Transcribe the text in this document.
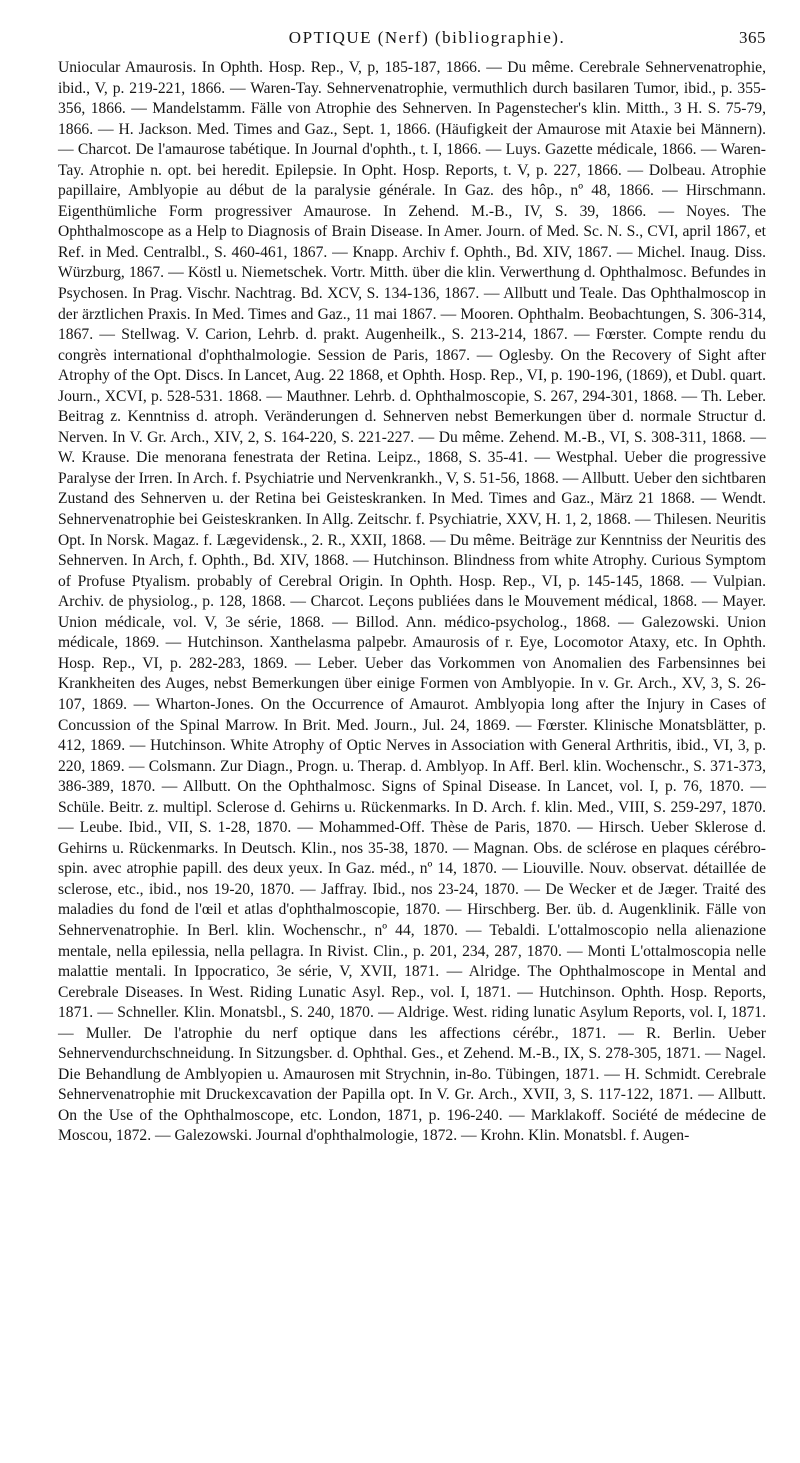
OPTIQUE (Nerf) (bibliographie).	365

Uniocular Amaurosis. In Ophth. Hosp. Rep., V, p, 185-187, 1866. — Du même. Cerebrale Sehnervenatrophie, ibid., V, p. 219-221, 1866. — Waren-Tay. Sehnervenatrophie, vermuthlich durch basilaren Tumor, ibid., p. 355-356, 1866. — Mandelstamm. Fälle von Atrophie des Sehnerven. In Pagenstecher's klin. Mitth., 3 H. S. 75-79, 1866. — H. Jackson. Med. Times and Gaz., Sept. 1, 1866. (Häufigkeit der Amaurose mit Ataxie bei Männern). — Charcot. De l'amaurose tabétique. In Journal d'ophth., t. I, 1866. — Luys. Gazette médicale, 1866. — Waren-Tay. Atrophie n. opt. bei heredit. Epilepsie. In Opht. Hosp. Reports, t. V, p. 227, 1866. — Dolbeau. Atrophie papillaire, Amblyopie au début de la paralysie générale. In Gaz. des hôp., nº 48, 1866. — Hirschmann. Eigenthümliche Form progressiver Amaurose. In Zehend. M.-B., IV, S. 39, 1866. — Noyes. The Ophthalmoscope as a Help to Diagnosis of Brain Disease. In Amer. Journ. of Med. Sc. N. S., CVI, april 1867, et Ref. in Med. Centralbl., S. 460-461, 1867. — Knapp. Archiv f. Ophth., Bd. XIV, 1867. — Michel. Inaug. Diss. Würzburg, 1867. — Köstl u. Niemetschek. Vortr. Mitth. über die klin. Verwerthung d. Ophthalmosc. Befundes in Psychosen. In Prag. Vischr. Nachtrag. Bd. XCV, S. 134-136, 1867. — Allbutt und Teale. Das Ophthalmoscop in der ärztlichen Praxis. In Med. Times and Gaz., 11 mai 1867. — Mooren. Ophthalm. Beobachtungen, S. 306-314, 1867. — Stellwag. V. Carion, Lehrb. d. prakt. Augenheilk., S. 213-214, 1867. — Fœrster. Compte rendu du congrès international d'ophthalmologie. Session de Paris, 1867. — Oglesby. On the Recovery of Sight after Atrophy of the Opt. Discs. In Lancet, Aug. 22 1868, et Ophth. Hosp. Rep., VI, p. 190-196, (1869), et Dubl. quart. Journ., XCVI, p. 528-531. 1868. — Mauthner. Lehrb. d. Ophthalmoscopie, S. 267, 294-301, 1868. — Th. Leber. Beitrag z. Kenntniss d. atroph. Veränderungen d. Sehnerven nebst Bemerkungen über d. normale Structur d. Nerven. In V. Gr. Arch., XIV, 2, S. 164-220, S. 221-227. — Du même. Zehend. M.-B., VI, S. 308-311, 1868. — W. Krause. Die menorana fenestrata der Retina. Leipz., 1868, S. 35-41. — Westphal. Ueber die progressive Paralyse der Irren. In Arch. f. Psychiatrie und Nervenkrankh., V, S. 51-56, 1868. — Allbutt. Ueber den sichtbaren Zustand des Sehnerven u. der Retina bei Geisteskranken. In Med. Times and Gaz., März 21 1868. — Wendt. Sehnervenatrophie bei Geisteskranken. In Allg. Zeitschr. f. Psychiatrie, XXV, H. 1, 2, 1868. — Thilesen. Neuritis Opt. In Norsk. Magaz. f. Lægevidensk., 2. R., XXII, 1868. — Du même. Beiträge zur Kenntniss der Neuritis des Sehnerven. In Arch, f. Ophth., Bd. XIV, 1868. — Hutchinson. Blindness from white Atrophy. Curious Symptom of Profuse Ptyalism. probably of Cerebral Origin. In Ophth. Hosp. Rep., VI, p. 145-145, 1868. — Vulpian. Archiv. de physiolog., p. 128, 1868. — Charcot. Leçons publiées dans le Mouvement médical, 1868. — Mayer. Union médicale, vol. V, 3e série, 1868. — Billod. Ann. médico-psycholog., 1868. — Galezowski. Union médicale, 1869. — Hutchinson. Xanthelasma palpebr. Amaurosis of r. Eye, Locomotor Ataxy, etc. In Ophth. Hosp. Rep., VI, p. 282-283, 1869. — Leber. Ueber das Vorkommen von Anomalien des Farbensinnes bei Krankheiten des Auges, nebst Bemerkungen über einige Formen von Amblyopie. In v. Gr. Arch., XV, 3, S. 26-107, 1869. — Wharton-Jones. On the Occurrence of Amaurot. Amblyopia long after the Injury in Cases of Concussion of the Spinal Marrow. In Brit. Med. Journ., Jul. 24, 1869. — Fœrster. Klinische Monatsblätter, p. 412, 1869. — Hutchinson. White Atrophy of Optic Nerves in Association with General Arthritis, ibid., VI, 3, p. 220, 1869. — Colsmann. Zur Diagn., Progn. u. Therap. d. Amblyop. In Aff. Berl. klin. Wochenschr., S. 371-373, 386-389, 1870. — Allbutt. On the Ophthalmosc. Signs of Spinal Disease. In Lancet, vol. I, p. 76, 1870. — Schüle. Beitr. z. multipl. Sclerose d. Gehirns u. Rückenmarks. In D. Arch. f. klin. Med., VIII, S. 259-297, 1870. — Leube. Ibid., VII, S. 1-28, 1870. — Mohammed-Off. Thèse de Paris, 1870. — Hirsch. Ueber Sklerose d. Gehirns u. Rückenmarks. In Deutsch. Klin., nos 35-38, 1870. — Magnan. Obs. de sclérose en plaques cérébro-spin. avec atrophie papill. des deux yeux. In Gaz. méd., nº 14, 1870. — Liouville. Nouv. observat. détaillée de sclerose, etc., ibid., nos 19-20, 1870. — Jaffray. Ibid., nos 23-24, 1870. — De Wecker et de Jæger. Traité des maladies du fond de l'œil et atlas d'ophthalmoscopie, 1870. — Hirschberg. Ber. üb. d. Augenklinik. Fälle von Sehnervenatrophie. In Berl. klin. Wochenschr., nº 44, 1870. — Tebaldi. L'ottalmoscopio nella alienazione mentale, nella epilessia, nella pellagra. In Rivist. Clin., p. 201, 234, 287, 1870. — Monti L'ottalmoscopia nelle malattie mentali. In Ippocratico, 3e série, V, XVII, 1871. — Alridge. The Ophthalmoscope in Mental and Cerebrale Diseases. In West. Riding Lunatic Asyl. Rep., vol. I, 1871. — Hutchinson. Ophth. Hosp. Reports, 1871. — Schneller. Klin. Monatsbl., S. 240, 1870. — Aldrige. West. riding lunatic Asylum Reports, vol. I, 1871. — Muller. De l'atrophie du nerf optique dans les affections cérébr., 1871. — R. Berlin. Ueber Sehnervendurchschneidung. In Sitzungsber. d. Ophthal. Ges., et Zehend. M.-B., IX, S. 278-305, 1871. — Nagel. Die Behandlung de Amblyopien u. Amaurosen mit Strychnin, in-8o. Tübingen, 1871. — H. Schmidt. Cerebrale Sehnervenatrophie mit Druckexcavation der Papilla opt. In V. Gr. Arch., XVII, 3, S. 117-122, 1871. — Allbutt. On the Use of the Ophthalmoscope, etc. London, 1871, p. 196-240. — Marklakoff. Société de médecine de Moscou, 1872. — Galezowski. Journal d'ophthalmologie, 1872. — Krohn. Klin. Monatsbl. f. Augen-
